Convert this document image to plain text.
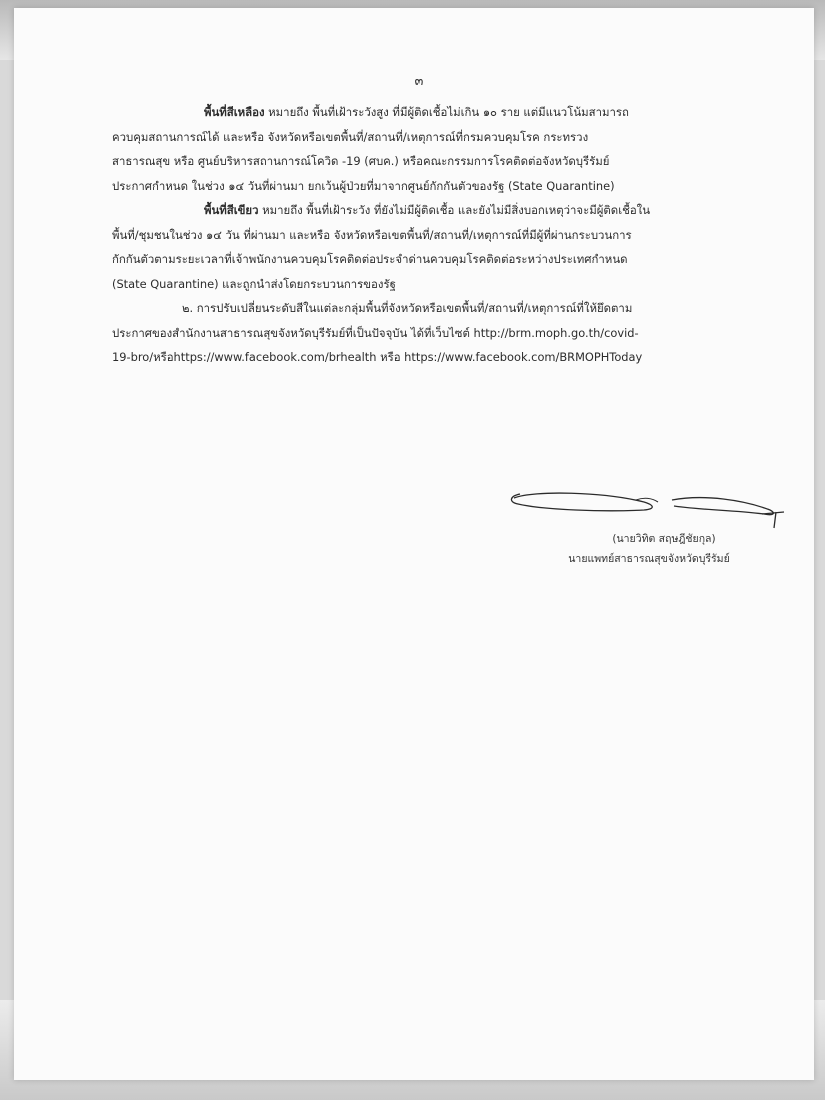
๓
พื้นที่สีเหลือง หมายถึง พื้นที่เฝ้าระวังสูง ที่มีผู้ติดเชื้อไม่เกิน ๑๐ ราย แต่มีแนวโน้มสามารถ
ควบคุมสถานการณ์ได้ และหรือ จังหวัดหรือเขตพื้นที่/สถานที่/เหตุการณ์ที่กรมควบคุมโรค กระทรวง
สาธารณสุข หรือ ศูนย์บริหารสถานการณ์โควิด -19 (ศบค.) หรือคณะกรรมการโรคติดต่อจังหวัดบุรีรัมย์
ประกาศกำหนด ในช่วง ๑๔ วันที่ผ่านมา ยกเว้นผู้ป่วยที่มาจากศูนย์กักกันตัวของรัฐ (State Quarantine)
พื้นที่สีเขียว หมายถึง พื้นที่เฝ้าระวัง ที่ยังไม่มีผู้ติดเชื้อ และยังไม่มีสิ่งบอกเหตุว่าจะมีผู้ติดเชื้อใน
พื้นที่/ชุมชนในช่วง ๑๔ วัน ที่ผ่านมา และหรือ จังหวัดหรือเขตพื้นที่/สถานที่/เหตุการณ์ที่มีผู้ที่ผ่านกระบวนการ
กักกันตัวตามระยะเวลาที่เจ้าพนักงานควบคุมโรคติดต่อประจำด่านควบคุมโรคติดต่อระหว่างประเทศกำหนด
(State Quarantine) และถูกนำส่งโดยกระบวนการของรัฐ
๒. การปรับเปลี่ยนระดับสีในแต่ละกลุ่มพื้นที่จังหวัดหรือเขตพื้นที่/สถานที่/เหตุการณ์ที่ให้ยึดตาม
ประกาศของสำนักงานสาธารณสุขจังหวัดบุรีรัมย์ที่เป็นปัจจุบัน ได้ที่เว็บไซต์ http://brm.moph.go.th/covid-
19-bro/หรือhttps://www.facebook.com/brhealth หรือ https://www.facebook.com/BRMOPHToday
(นายวิทิต สฤษฎีชัยกุล)
นายแพทย์สาธารณสุขจังหวัดบุรีรัมย์
